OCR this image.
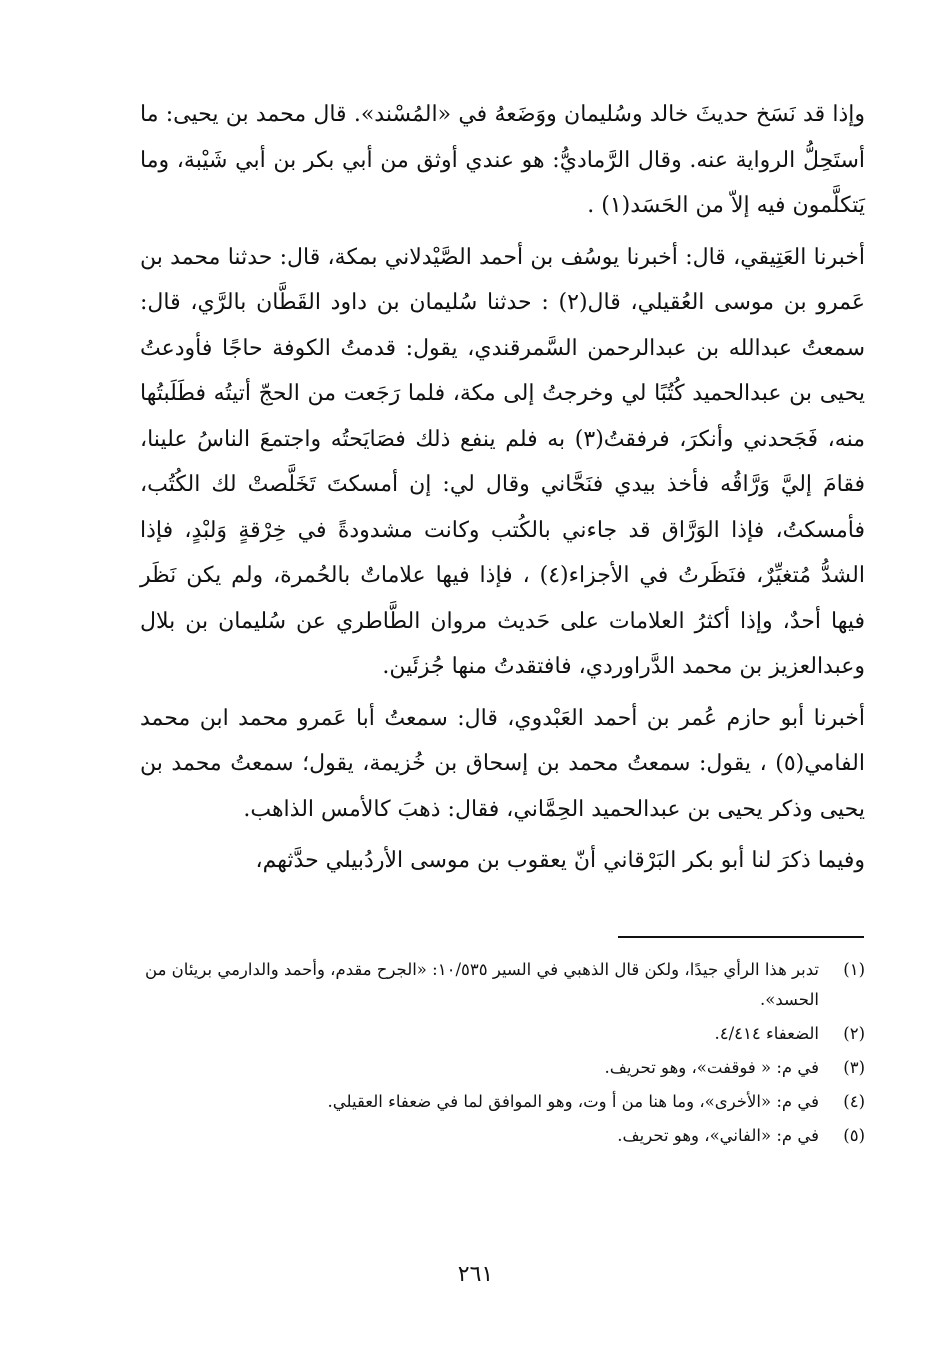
وإذا قد نَسَخ حديثَ خالد وسُليمان ووَضَعهُ في «المُسْند». قال محمد بن يحيى: ما أستَحِلُّ الرواية عنه. وقال الرَّماديُّ: هو عندي أوثق من أبي بكر بن أبي شَيْبة، وما يَتكلَّمون فيه إلاّ من الحَسَد(١) .

أخبرنا العَتِيقي، قال: أخبرنا يوسُف بن أحمد الصَّيْدلاني بمكة، قال: حدثنا محمد بن عَمرو بن موسى العُقيلي، قال(٢) : حدثنا سُليمان بن داود القَطَّان بالرَّي، قال: سمعتُ عبدالله بن عبدالرحمن السَّمرقندي، يقول: قدمتُ الكوفة حاجًا فأودعتُ يحيى بن عبدالحميد كُتُبًا لي وخرجتُ إلى مكة، فلما رَجَعت من الحجّ أتيتُه فطَلَبتُها منه، فَجَحدني وأنكرَ، فرفقتُ(٣) به فلم ينفع ذلك فصَايَحتُه واجتمعَ الناسُ علينا، فقامَ إليَّ وَرَّاقُه فأخذ بيدي فنَحَّاني وقال لي: إن أمسكتَ تَخَلَّصتْ لك الكُتُب، فأمسكتُ، فإذا الوَرَّاق قد جاءني بالكُتب وكانت مشدودةً في خِرْقةٍ وَلبْدٍ، فإذا الشدُّ مُتغيِّرٌ، فنَظَرتُ في الأجزاء(٤) ، فإذا فيها علاماتٌ بالحُمرة، ولم يكن نَظَر فيها أحدٌ، وإذا أكثرُ العلامات على حَديث مروان الطَّاطري عن سُليمان بن بلال وعبدالعزيز بن محمد الدَّراوردي، فافتقدتُ منها جُزئَين.

أخبرنا أبو حازم عُمر بن أحمد العَبْدوي، قال: سمعتُ أبا عَمرو محمد ابن محمد الفامي(٥) ، يقول: سمعتُ محمد بن إسحاق بن خُزيمة، يقول؛ سمعتُ محمد بن يحيى وذكر يحيى بن عبدالحميد الحِمَّاني، فقال: ذهبَ كالأمس الذاهب.

وفيما ذكرَ لنا أبو بكر البَرْقاني أنّ يعقوب بن موسى الأردُبيلي حدَّثهم،

(١)
تدبر هذا الرأي جيدًا، ولكن قال الذهبي في السير ١٠/٥٣٥: «الجرح مقدم، وأحمد والدارمي بريئان من الحسد».
(٢)
الضعفاء ٤/٤١٤.
(٣)
في م: « فوقفت»، وهو تحريف.
(٤)
في م: «الأخرى»، وما هنا من أ وت، وهو الموافق لما في ضعفاء العقيلي.
(٥)
في م: «الفاني»، وهو تحريف.
٢٦١
